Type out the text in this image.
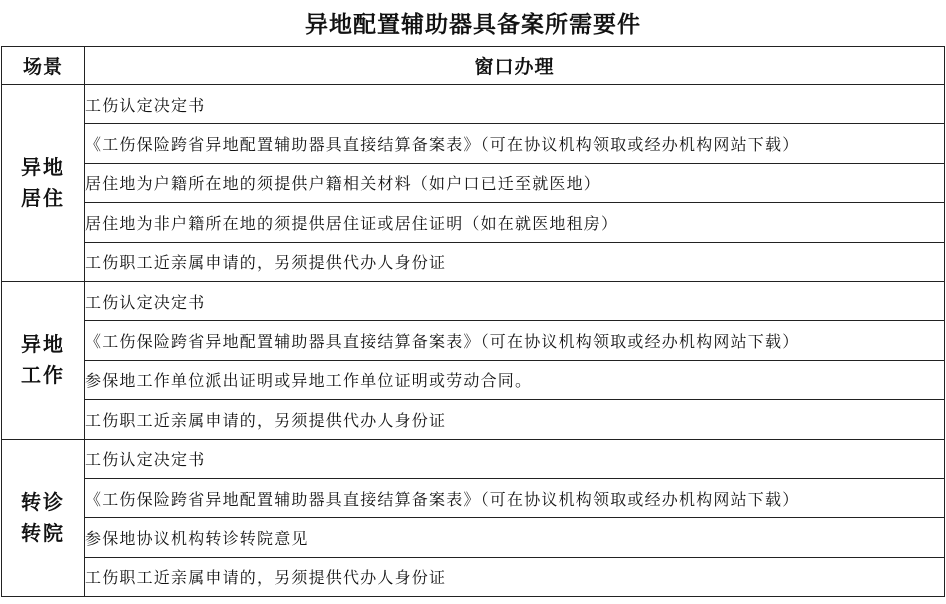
异地配置辅助器具备案所需要件
场景	窗口办理

异地
居住	工伤认定决定书
	《工伤保险跨省异地配置辅助器具直接结算备案表》（可在协议机构领取或经办机构网站下载）
	居住地为户籍所在地的须提供户籍相关材料（如户口已迁至就医地）
	居住地为非户籍所在地的须提供居住证或居住证明（如在就医地租房）
	工伤职工近亲属申请的，另须提供代办人身份证

异地
工作	工伤认定决定书
	《工伤保险跨省异地配置辅助器具直接结算备案表》（可在协议机构领取或经办机构网站下载）
	参保地工作单位派出证明或异地工作单位证明或劳动合同。
	工伤职工近亲属申请的，另须提供代办人身份证

转诊
转院	工伤认定决定书
	《工伤保险跨省异地配置辅助器具直接结算备案表》（可在协议机构领取或经办机构网站下载）
	参保地协议机构转诊转院意见
	工伤职工近亲属申请的，另须提供代办人身份证
